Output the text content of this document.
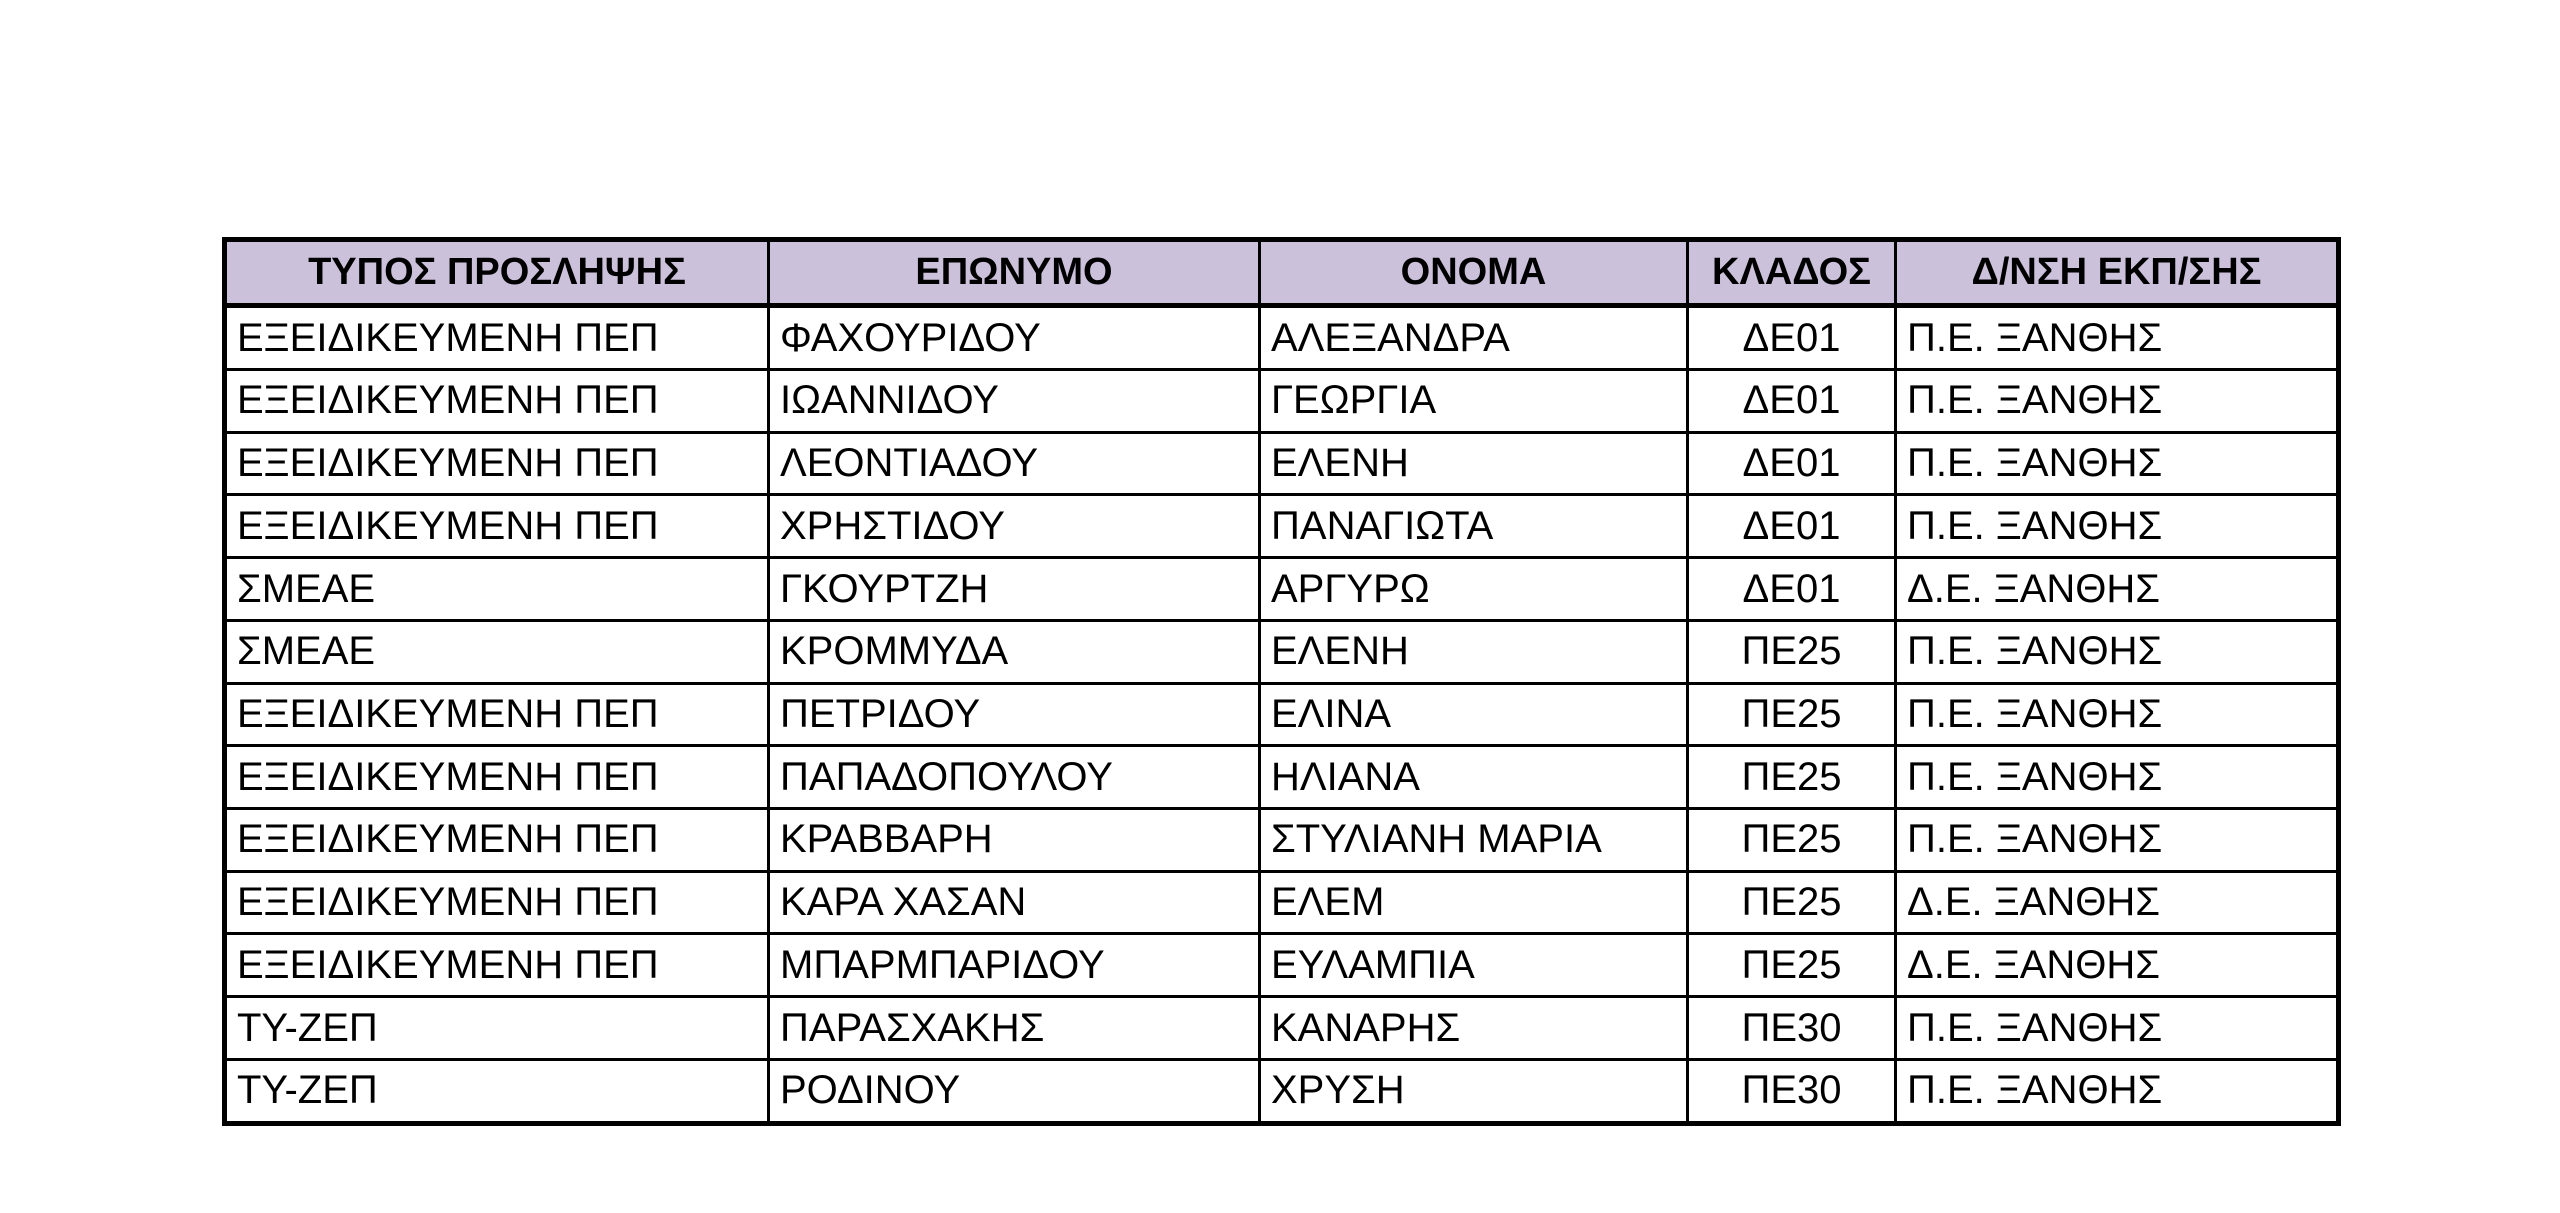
ΤΥΠΟΣ ΠΡΟΣΛΗΨΗΣ	ΕΠΩΝΥΜΟ	ΟΝΟΜΑ	ΚΛΑΔΟΣ	Δ/ΝΣΗ ΕΚΠ/ΣΗΣ
ΕΞΕΙΔΙΚΕΥΜΕΝΗ ΠΕΠ	ΦΑΧΟΥΡΙΔΟΥ	ΑΛΕΞΑΝΔΡΑ	ΔΕ01	Π.Ε. ΞΑΝΘΗΣ
ΕΞΕΙΔΙΚΕΥΜΕΝΗ ΠΕΠ	ΙΩΑΝΝΙΔΟΥ	ΓΕΩΡΓΙΑ	ΔΕ01	Π.Ε. ΞΑΝΘΗΣ
ΕΞΕΙΔΙΚΕΥΜΕΝΗ ΠΕΠ	ΛΕΟΝΤΙΑΔΟΥ	ΕΛΕΝΗ	ΔΕ01	Π.Ε. ΞΑΝΘΗΣ
ΕΞΕΙΔΙΚΕΥΜΕΝΗ ΠΕΠ	ΧΡΗΣΤΙΔΟΥ	ΠΑΝΑΓΙΩΤΑ	ΔΕ01	Π.Ε. ΞΑΝΘΗΣ
ΣΜΕΑΕ	ΓΚΟΥΡΤΖΗ	ΑΡΓΥΡΩ	ΔΕ01	Δ.Ε. ΞΑΝΘΗΣ
ΣΜΕΑΕ	ΚΡΟΜΜΥΔΑ	ΕΛΕΝΗ	ΠΕ25	Π.Ε. ΞΑΝΘΗΣ
ΕΞΕΙΔΙΚΕΥΜΕΝΗ ΠΕΠ	ΠΕΤΡΙΔΟΥ	ΕΛΙΝΑ	ΠΕ25	Π.Ε. ΞΑΝΘΗΣ
ΕΞΕΙΔΙΚΕΥΜΕΝΗ ΠΕΠ	ΠΑΠΑΔΟΠΟΥΛΟΥ	ΗΛΙΑΝΑ	ΠΕ25	Π.Ε. ΞΑΝΘΗΣ
ΕΞΕΙΔΙΚΕΥΜΕΝΗ ΠΕΠ	ΚΡΑΒΒΑΡΗ	ΣΤΥΛΙΑΝΗ ΜΑΡΙΑ	ΠΕ25	Π.Ε. ΞΑΝΘΗΣ
ΕΞΕΙΔΙΚΕΥΜΕΝΗ ΠΕΠ	ΚΑΡΑ ΧΑΣΑΝ	ΕΛΕΜ	ΠΕ25	Δ.Ε. ΞΑΝΘΗΣ
ΕΞΕΙΔΙΚΕΥΜΕΝΗ ΠΕΠ	ΜΠΑΡΜΠΑΡΙΔΟΥ	ΕΥΛΑΜΠΙΑ	ΠΕ25	Δ.Ε. ΞΑΝΘΗΣ
ΤΥ-ΖΕΠ	ΠΑΡΑΣΧΑΚΗΣ	ΚΑΝΑΡΗΣ	ΠΕ30	Π.Ε. ΞΑΝΘΗΣ
ΤΥ-ΖΕΠ	ΡΟΔΙΝΟΥ	ΧΡΥΣΗ	ΠΕ30	Π.Ε. ΞΑΝΘΗΣ
